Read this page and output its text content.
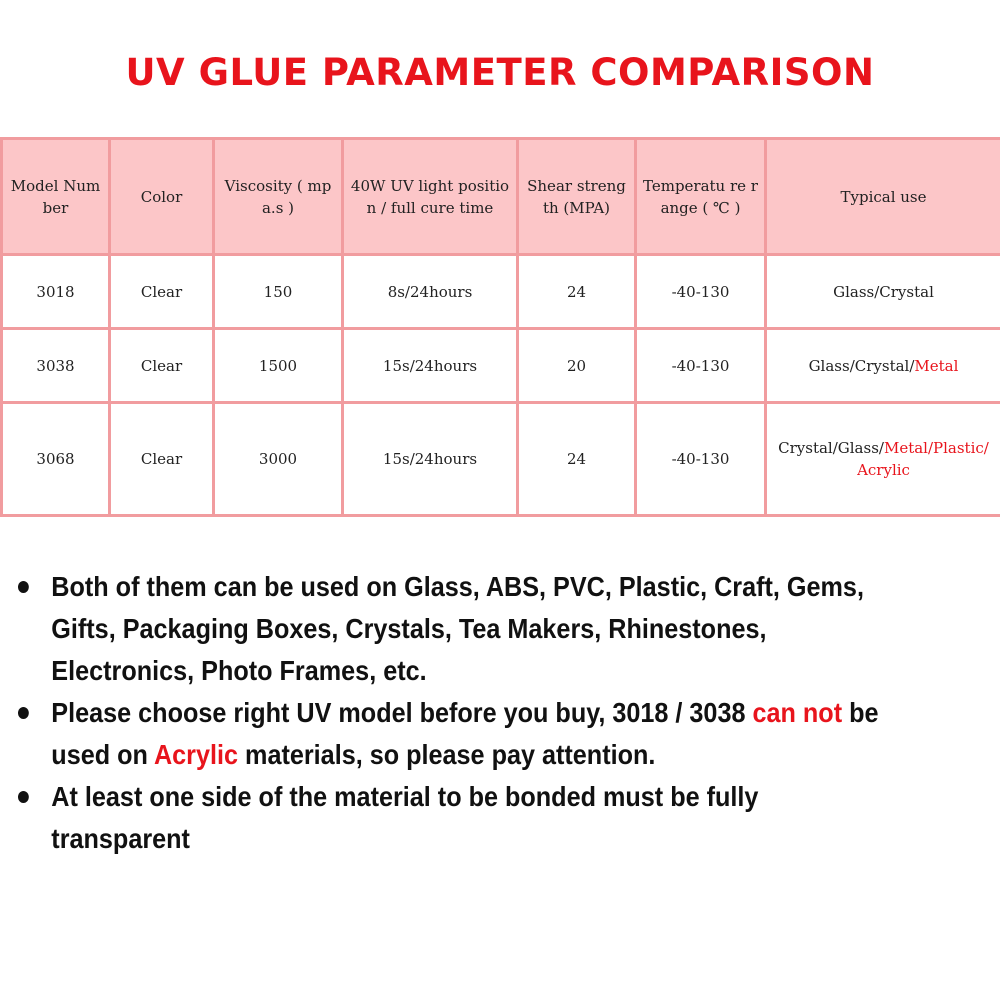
UV GLUE PARAMETER COMPARISON
Model Number	Color	Viscosity ( mpa.s )	40W UV light position / full cure time	Shear strength (MPA)	Temperatu re range ( ℃ )	Typical use
3018	Clear	150	8s/24hours	24	-40-130	Glass/Crystal
3038	Clear	1500	15s/24hours	20	-40-130	Glass/Crystal/Metal
3068	Clear	3000	15s/24hours	24	-40-130	Crystal/Glass/Metal/Plastic/Acrylic
Both of them can be used on Glass, ABS, PVC, Plastic, Craft, Gems, Gifts, Packaging Boxes, Crystals, Tea Makers, Rhinestones, Electronics, Photo Frames, etc.
Please choose right UV model before you buy, 3018 / 3038 can not be used on Acrylic materials, so please pay attention.
At least one side of the material to be bonded must be fully transparent
